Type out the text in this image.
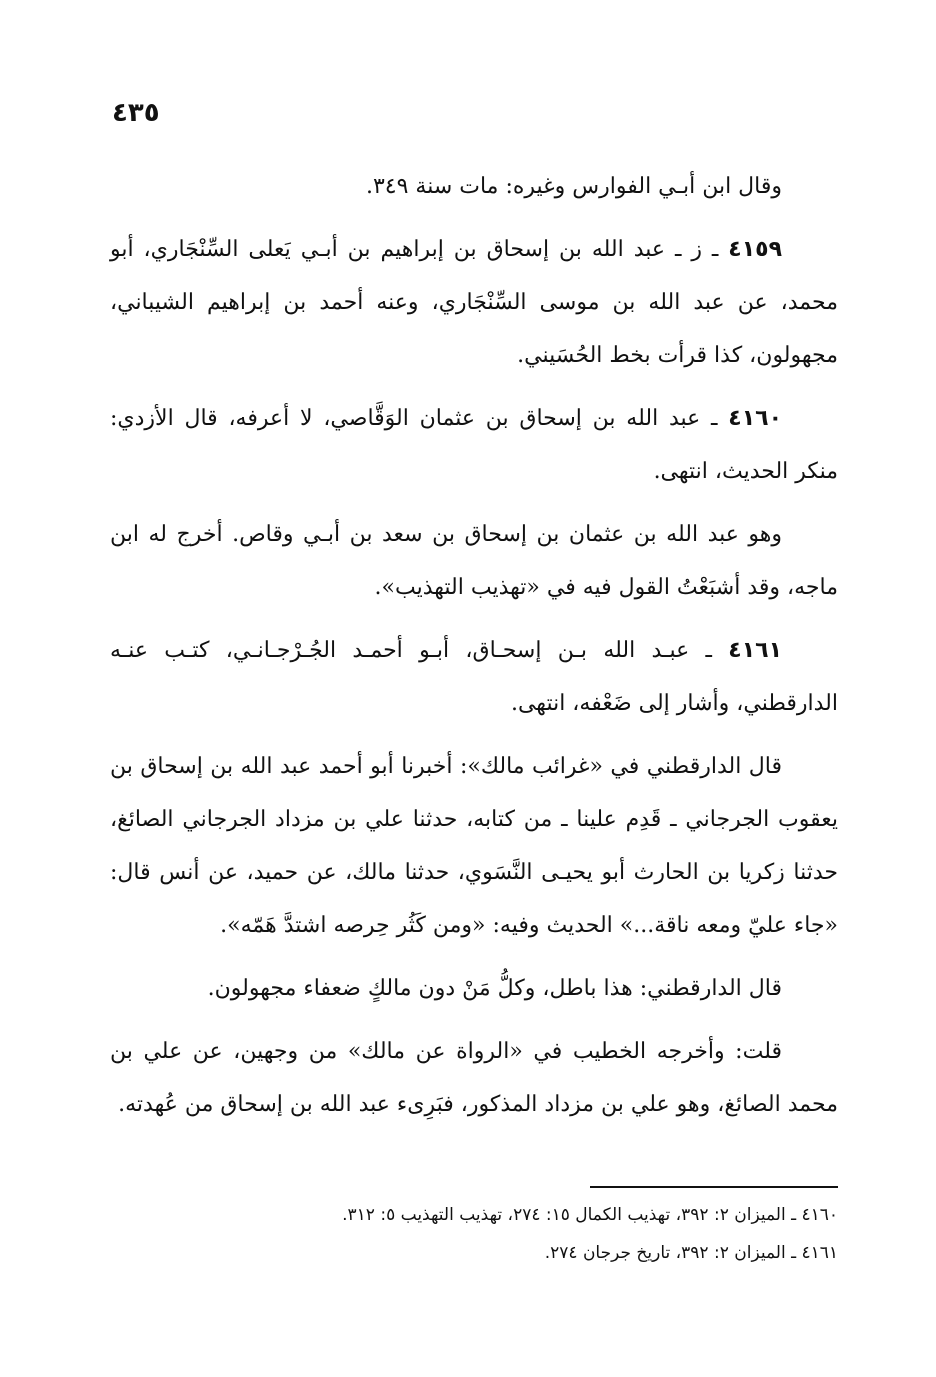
٤٣٥

وقال ابن أبـي الفوارس وغيره: مات سنة ٣٤٩.

٤١٥٩ ـ ز ـ عبد الله بن إسحاق بن إبراهيم بن أبـي يَعلى السِّنْجَاري، أبو محمد، عن عبد الله بن موسى السِّنْجَاري، وعنه أحمد بن إبراهيم الشيباني، مجهولون، كذا قرأت بخط الحُسَيني.

٤١٦٠ ـ عبد الله بن إسحاق بن عثمان الوَقَّاصي، لا أعرفه، قال الأزدي: منكر الحديث، انتهى.

وهو عبد الله بن عثمان بن إسحاق بن سعد بن أبـي وقاص. أخرج له ابن ماجه، وقد أشبَعْتُ القول فيه في «تهذيب التهذيب».

٤١٦١ ـ عبـد الله بـن إسحـاق، أبـو أحمـد الجُـرْجـانـي، كتـب عنـه الدارقطني، وأشار إلى ضَعْفه، انتهى.

قال الدارقطني في «غرائب مالك»: أخبرنا أبو أحمد عبد الله بن إسحاق بن يعقوب الجرجاني ـ قَدِم علينا ـ من كتابه، حدثنا علي بن مزداد الجرجاني الصائغ، حدثنا زكريا بن الحارث أبو يحيـى النَّسَوي، حدثنا مالك، عن حميد، عن أنس قال: «جاء عليّ ومعه ناقة...» الحديث وفيه: «ومن كَثُر حِرصه اشتدَّ هَمّه».

قال الدارقطني: هذا باطل، وكلُّ مَنْ دون مالكٍ ضعفاء مجهولون.

قلت: وأخرجه الخطيب في «الرواة عن مالك» من وجهين، عن علي بن محمد الصائغ، وهو علي بن مزداد المذكور، فبَرِىء عبد الله بن إسحاق من عُهدته.

٤١٦٠ ـ الميزان ٢: ٣٩٢، تهذيب الكمال ١٥: ٢٧٤، تهذيب التهذيب ٥: ٣١٢.

٤١٦١ ـ الميزان ٢: ٣٩٢، تاريخ جرجان ٢٧٤.
